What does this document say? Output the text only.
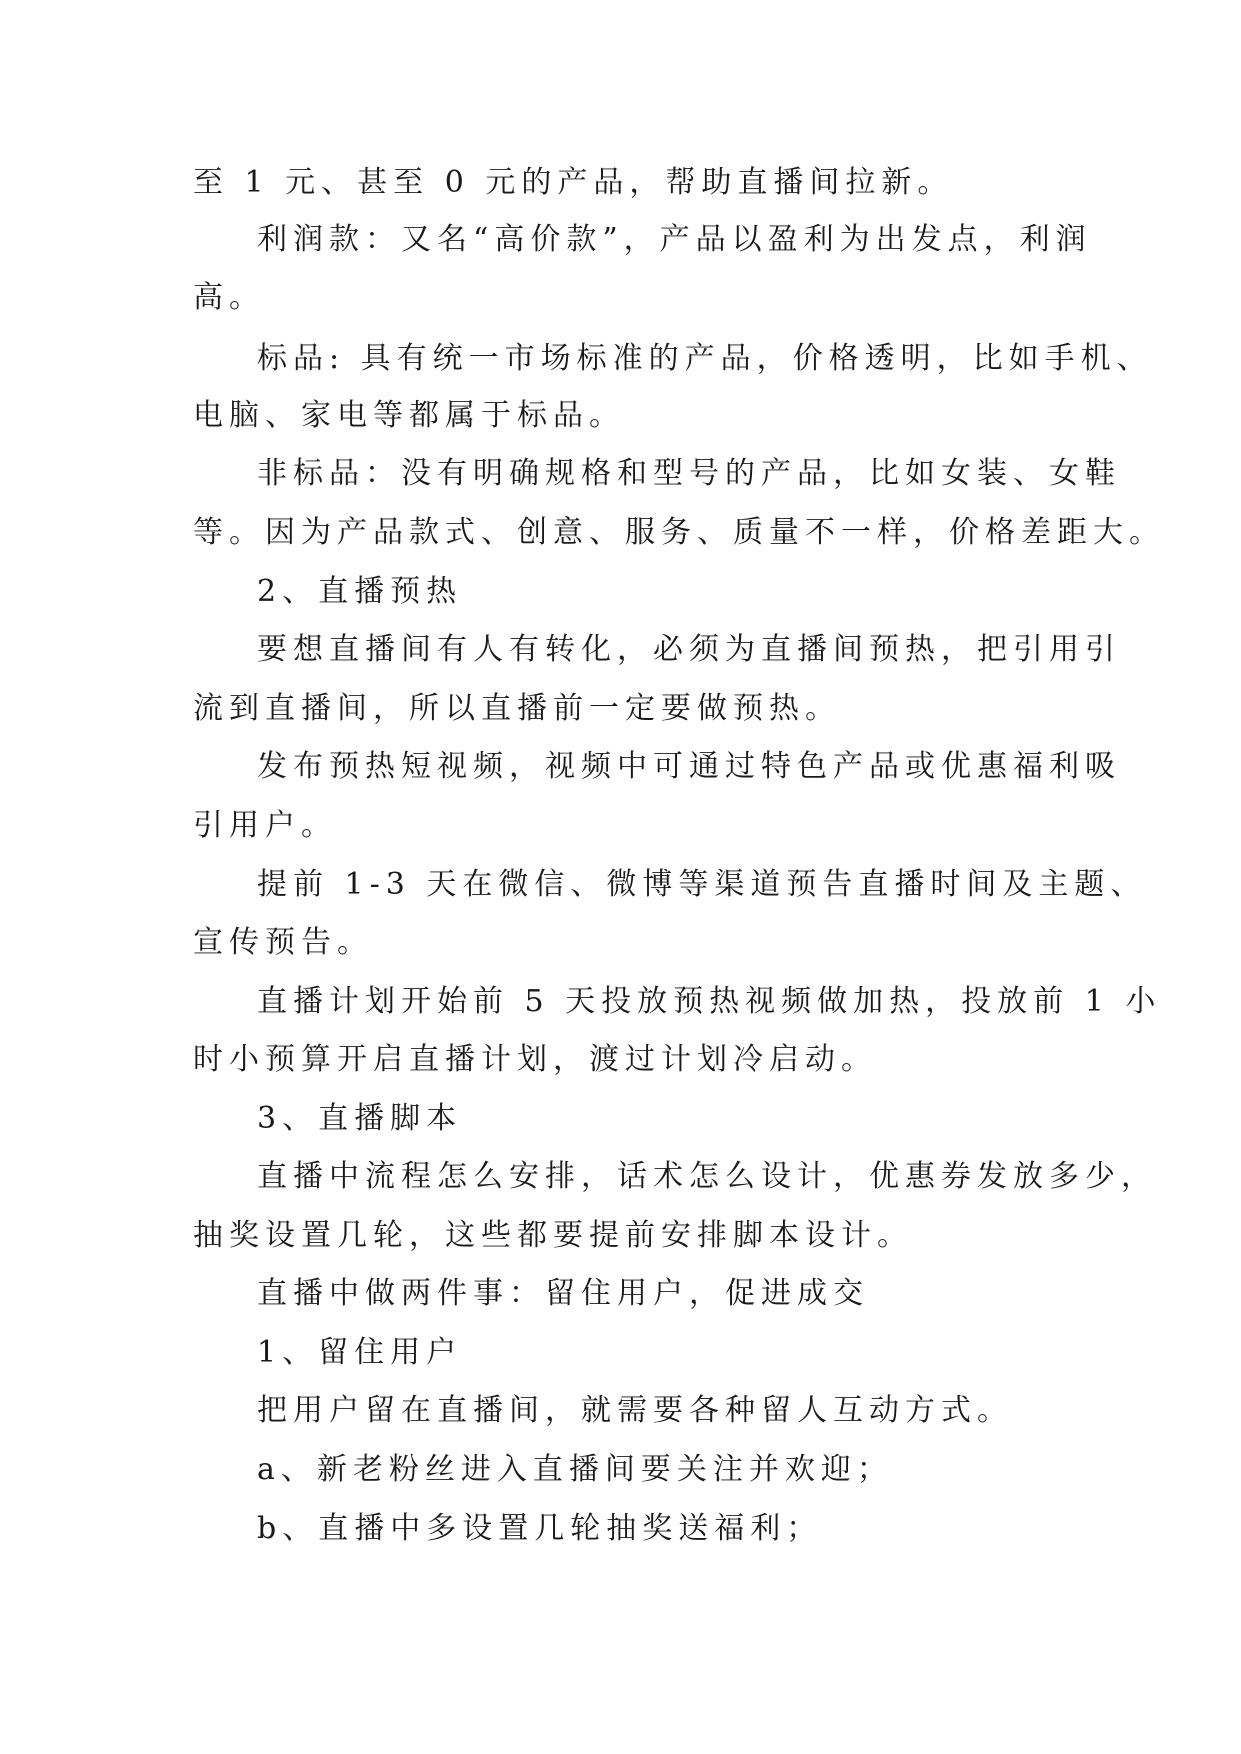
至 1 元、甚至 0 元的产品，帮助直播间拉新。
利润款：又名“高价款”，产品以盈利为出发点，利润
高。
标品: 具有统一市场标准的产品，价格透明，比如手机、
电脑、家电等都属于标品。
非标品：没有明确规格和型号的产品，比如女装、女鞋
等。因为产品款式、创意、服务、质量不一样，价格差距大。
2、直播预热
要想直播间有人有转化，必须为直播间预热，把引用引
流到直播间，所以直播前一定要做预热。
发布预热短视频，视频中可通过特色产品或优惠福利吸
引用户。
提前 1-3 天在微信、微博等渠道预告直播时间及主题、
宣传预告。
直播计划开始前 5 天投放预热视频做加热，投放前 1 小
时小预算开启直播计划，渡过计划冷启动。
3、直播脚本
直播中流程怎么安排，话术怎么设计，优惠券发放多少，
抽奖设置几轮，这些都要提前安排脚本设计。
直播中做两件事：留住用户，促进成交
1、留住用户
把用户留在直播间，就需要各种留人互动方式。
a、新老粉丝进入直播间要关注并欢迎；
b、直播中多设置几轮抽奖送福利；
